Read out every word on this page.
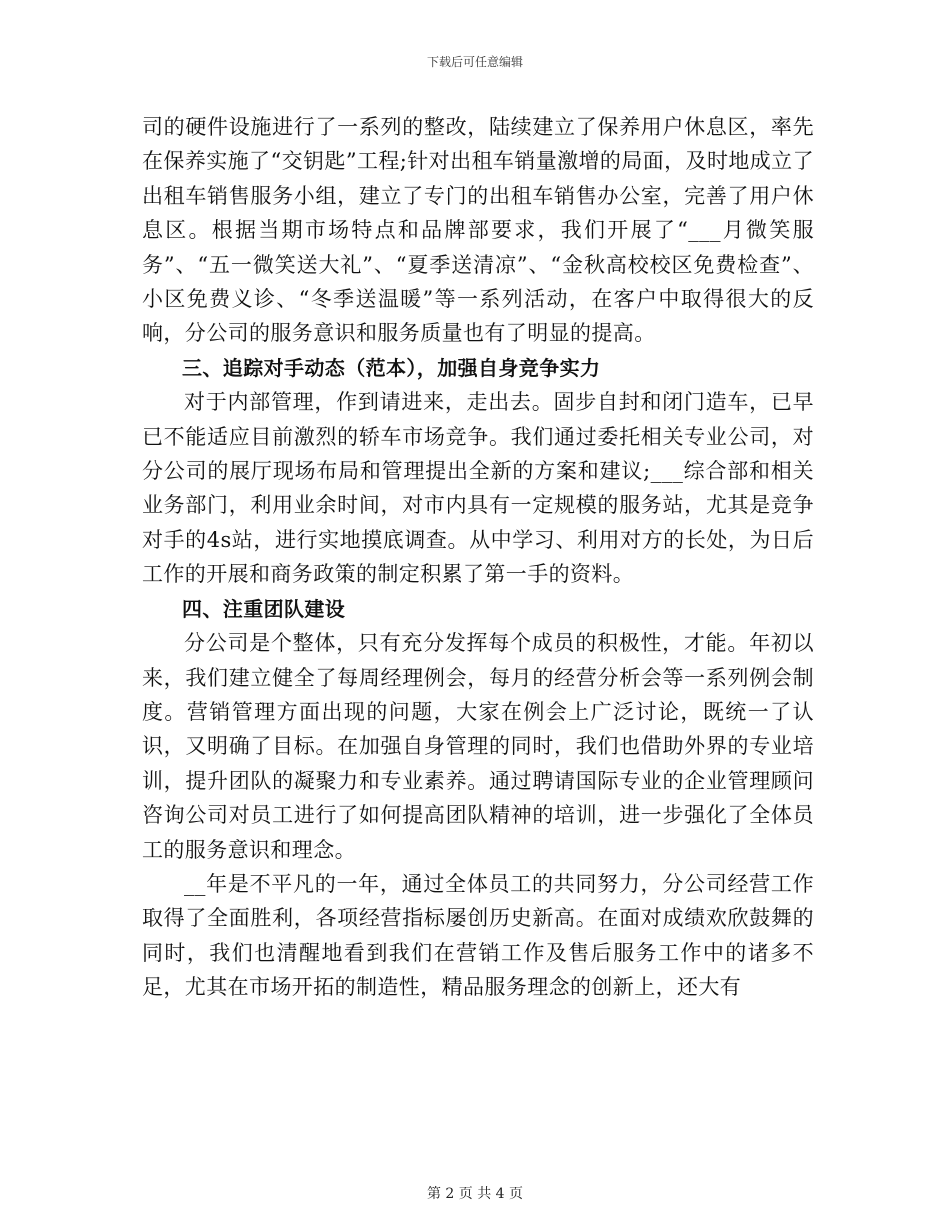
下载后可任意编辑

司的硬件设施进行了一系列的整改，陆续建立了保养用户休息区，率先在保养实施了“交钥匙”工程;针对出租车销量激增的局面，及时地成立了出租车销售服务小组，建立了专门的出租车销售办公室，完善了用户休息区。根据当期市场特点和品牌部要求，我们开展了“___月微笑服务”、“五一微笑送大礼”、“夏季送清凉”、“金秋高校校区免费检查”、小区免费义诊、“冬季送温暖”等一系列活动，在客户中取得很大的反响，分公司的服务意识和服务质量也有了明显的提高。

三、追踪对手动态（范本），加强自身竞争实力

对于内部管理，作到请进来，走出去。固步自封和闭门造车，已早已不能适应目前激烈的轿车市场竞争。我们通过委托相关专业公司，对分公司的展厅现场布局和管理提出全新的方案和建议;___综合部和相关业务部门，利用业余时间，对市内具有一定规模的服务站，尤其是竞争对手的4s站，进行实地摸底调查。从中学习、利用对方的长处，为日后工作的开展和商务政策的制定积累了第一手的资料。

四、注重团队建设

分公司是个整体，只有充分发挥每个成员的积极性，才能。年初以来，我们建立健全了每周经理例会，每月的经营分析会等一系列例会制度。营销管理方面出现的问题，大家在例会上广泛讨论，既统一了认识，又明确了目标。在加强自身管理的同时，我们也借助外界的专业培训，提升团队的凝聚力和专业素养。通过聘请国际专业的企业管理顾问咨询公司对员工进行了如何提高团队精神的培训，进一步强化了全体员工的服务意识和理念。

__年是不平凡的一年，通过全体员工的共同努力，分公司经营工作取得了全面胜利，各项经营指标屡创历史新高。在面对成绩欢欣鼓舞的同时，我们也清醒地看到我们在营销工作及售后服务工作中的诸多不足，尤其在市场开拓的制造性，精品服务理念的创新上，还大有

第 2 页 共 4 页
